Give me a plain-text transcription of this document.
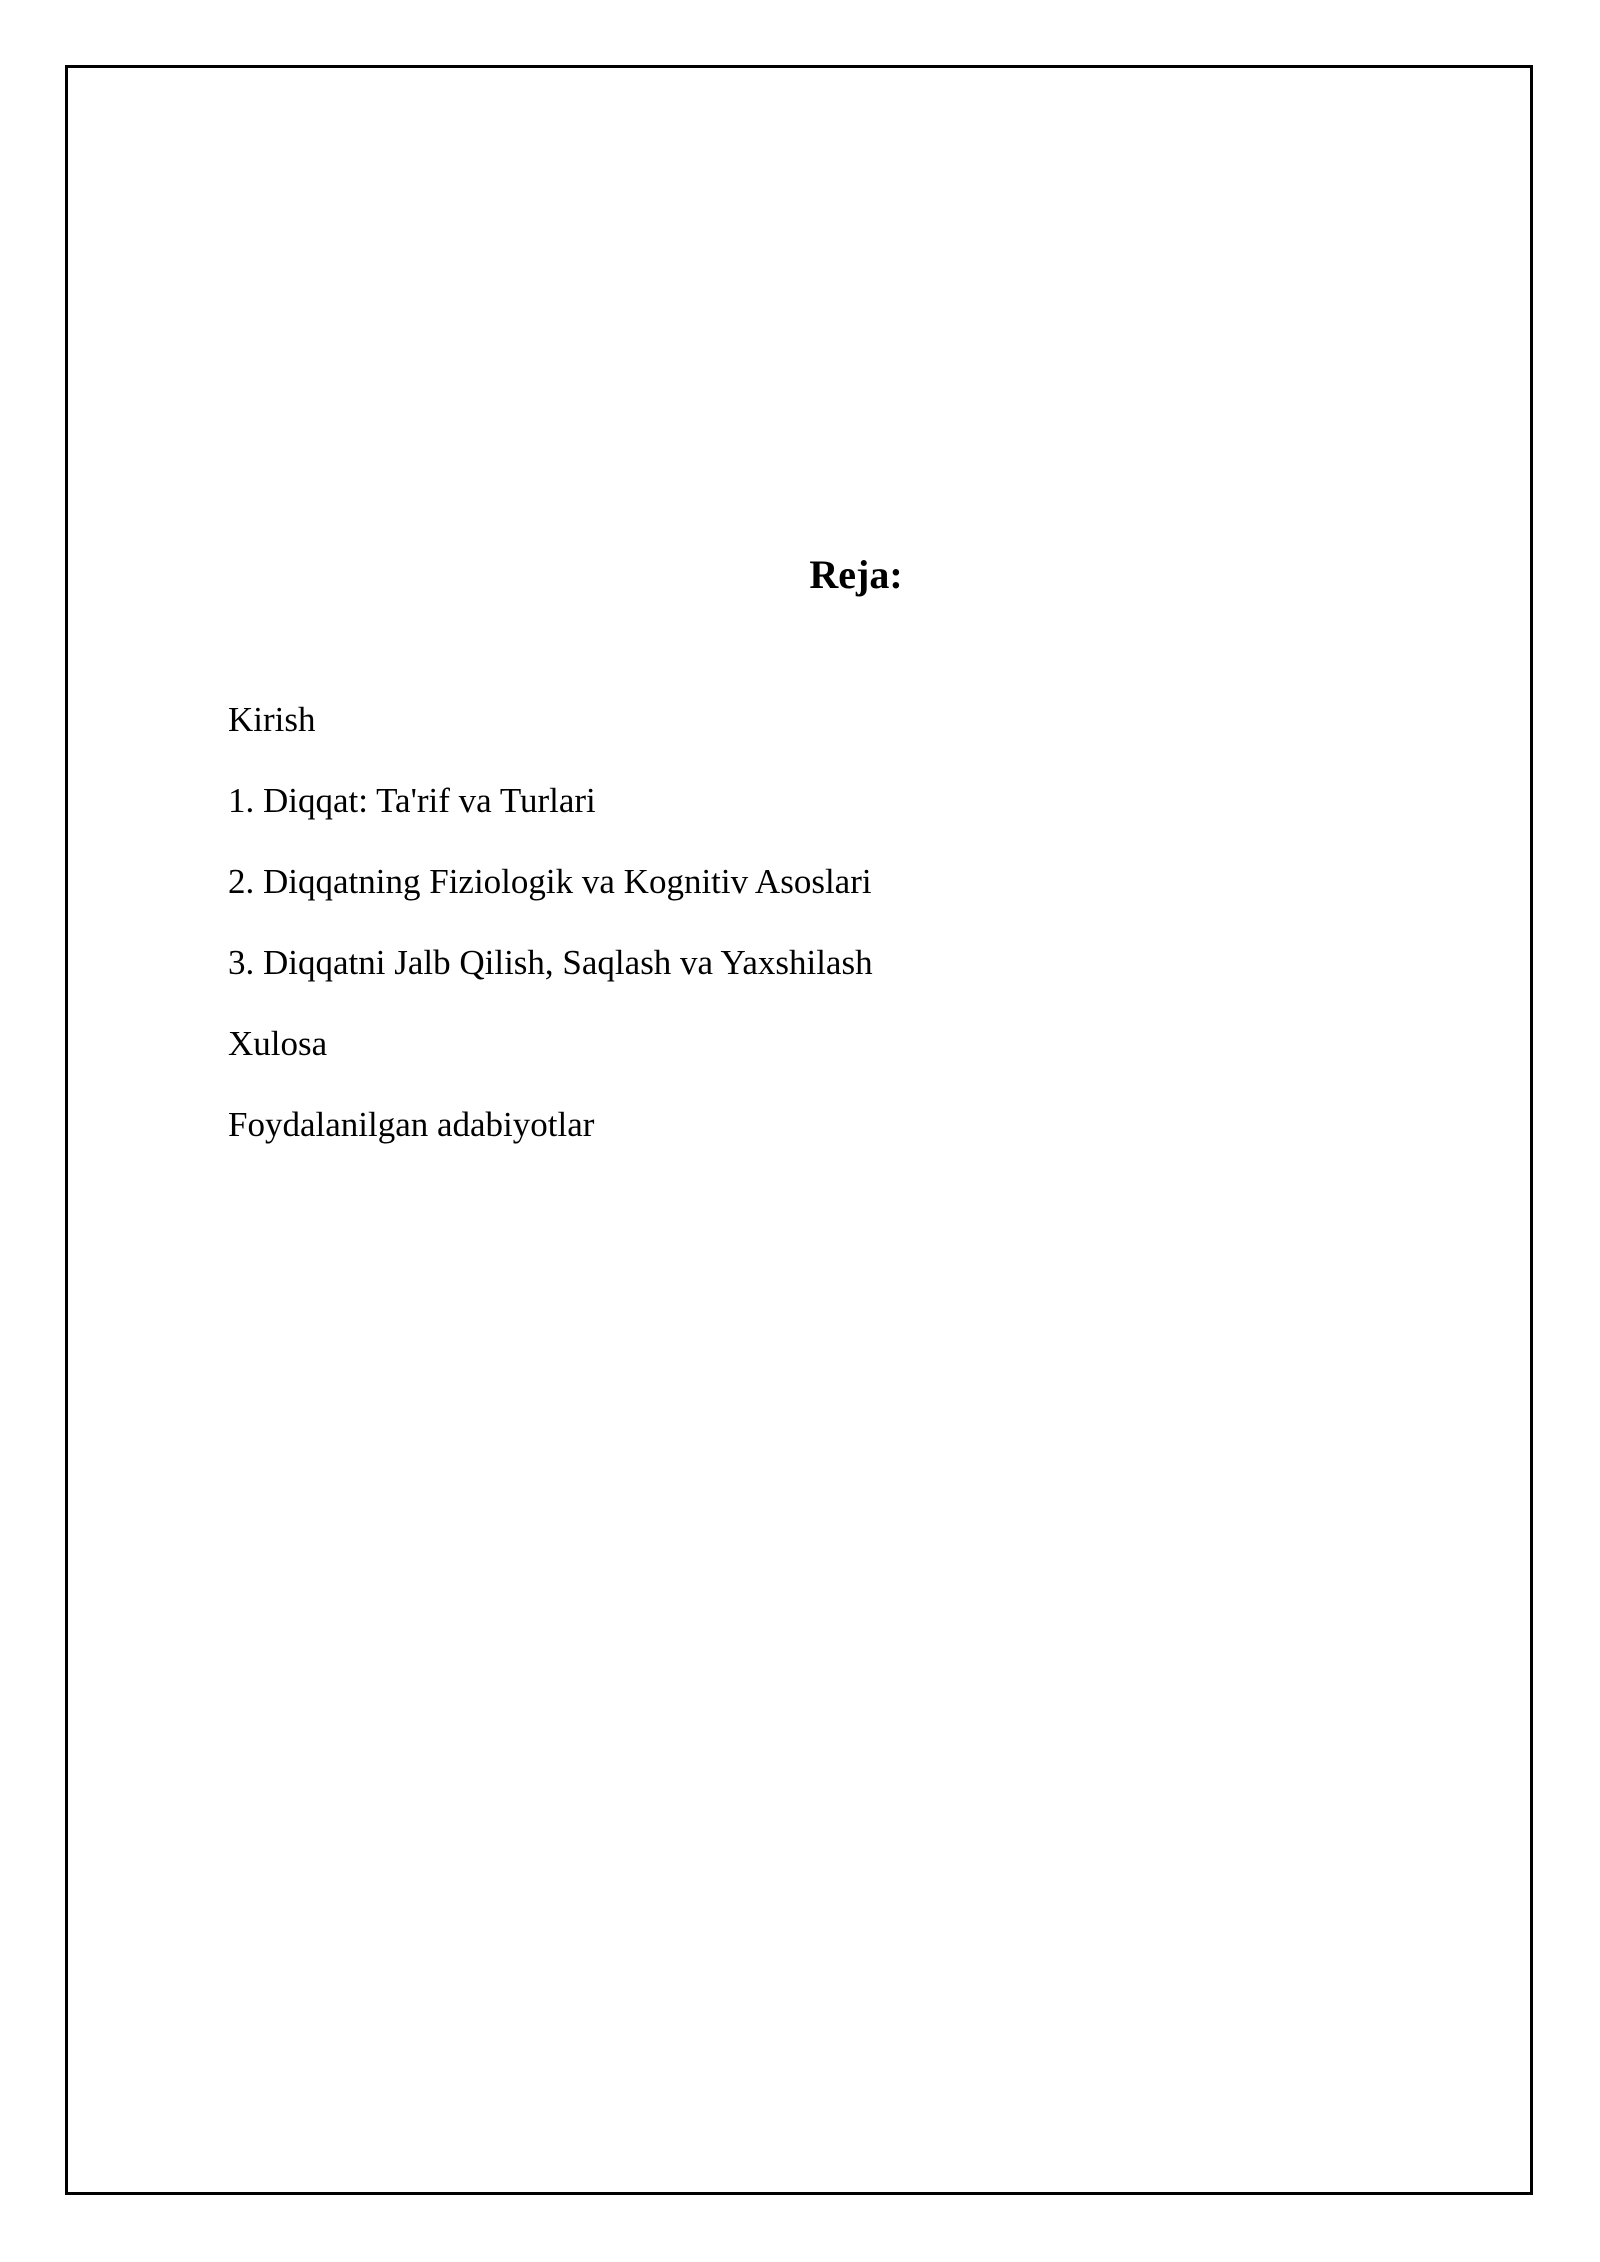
Reja:
Kirish
1. Diqqat: Ta'rif va Turlari
2. Diqqatning Fiziologik va Kognitiv Asoslari
3. Diqqatni Jalb Qilish, Saqlash va Yaxshilash
Xulosa
Foydalanilgan adabiyotlar
